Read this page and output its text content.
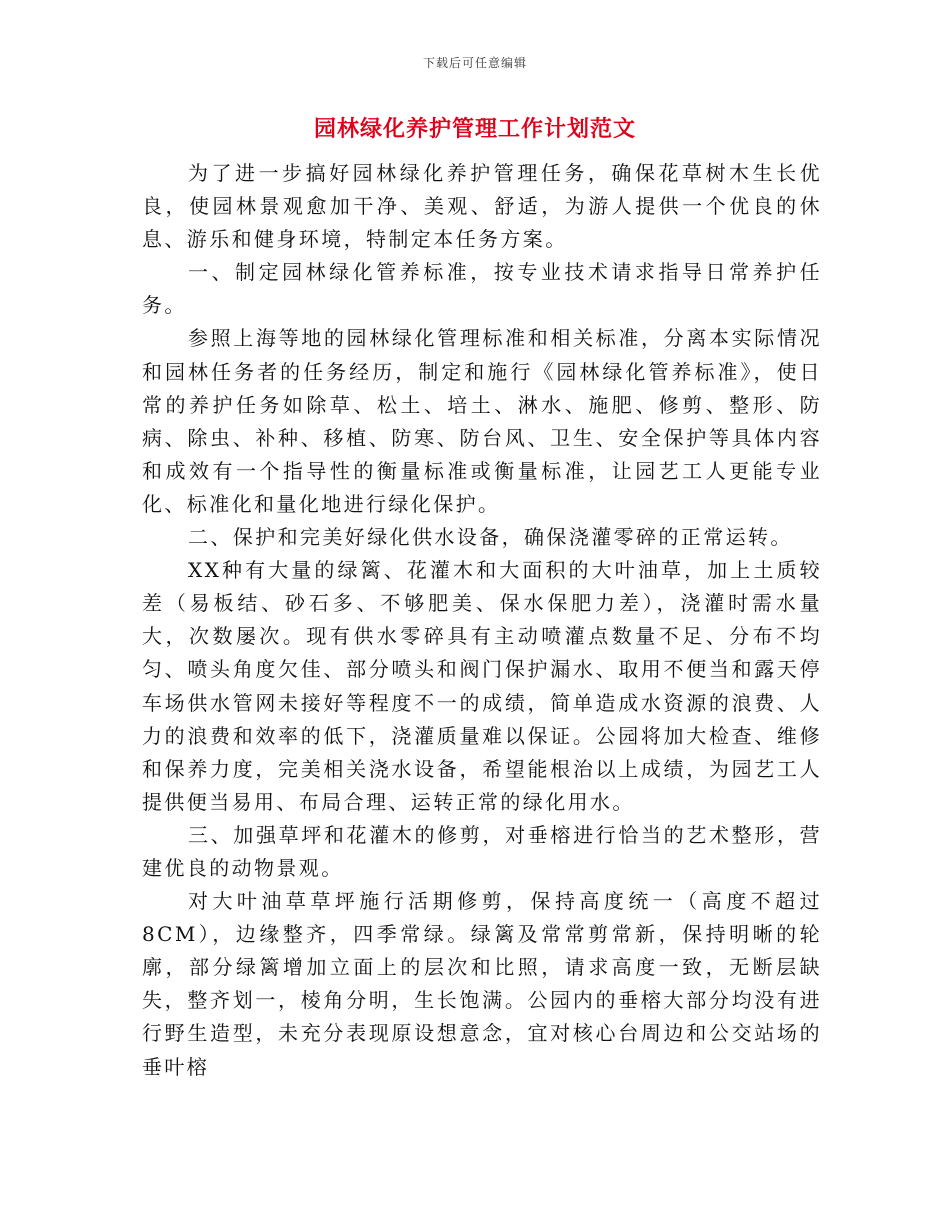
下载后可任意编辑
园林绿化养护管理工作计划范文

为了进一步搞好园林绿化养护管理任务，确保花草树木生长优良，使园林景观愈加干净、美观、舒适，为游人提供一个优良的休息、游乐和健身环境，特制定本任务方案。

一、制定园林绿化管养标准，按专业技术请求指导日常养护任务。

参照上海等地的园林绿化管理标准和相关标准，分离本实际情况和园林任务者的任务经历，制定和施行《园林绿化管养标准》，使日常的养护任务如除草、松土、培土、淋水、施肥、修剪、整形、防病、除虫、补种、移植、防寒、防台风、卫生、安全保护等具体内容和成效有一个指导性的衡量标准或衡量标准，让园艺工人更能专业化、标准化和量化地进行绿化保护。

二、保护和完美好绿化供水设备，确保浇灌零碎的正常运转。

XX种有大量的绿篱、花灌木和大面积的大叶油草，加上土质较差（易板结、砂石多、不够肥美、保水保肥力差），浇灌时需水量大，次数屡次。现有供水零碎具有主动喷灌点数量不足、分布不均匀、喷头角度欠佳、部分喷头和阀门保护漏水、取用不便当和露天停车场供水管网未接好等程度不一的成绩，简单造成水资源的浪费、人力的浪费和效率的低下，浇灌质量难以保证。公园将加大检查、维修和保养力度，完美相关浇水设备，希望能根治以上成绩，为园艺工人提供便当易用、布局合理、运转正常的绿化用水。

三、加强草坪和花灌木的修剪，对垂榕进行恰当的艺术整形，营建优良的动物景观。

对大叶油草草坪施行活期修剪，保持高度统一（高度不超过8CM），边缘整齐，四季常绿。绿篱及常常剪常新，保持明晰的轮廓，部分绿篱增加立面上的层次和比照，请求高度一致，无断层缺失，整齐划一，棱角分明，生长饱满。公园内的垂榕大部分均没有进行野生造型，未充分表现原设想意念，宜对核心台周边和公交站场的垂叶榕
